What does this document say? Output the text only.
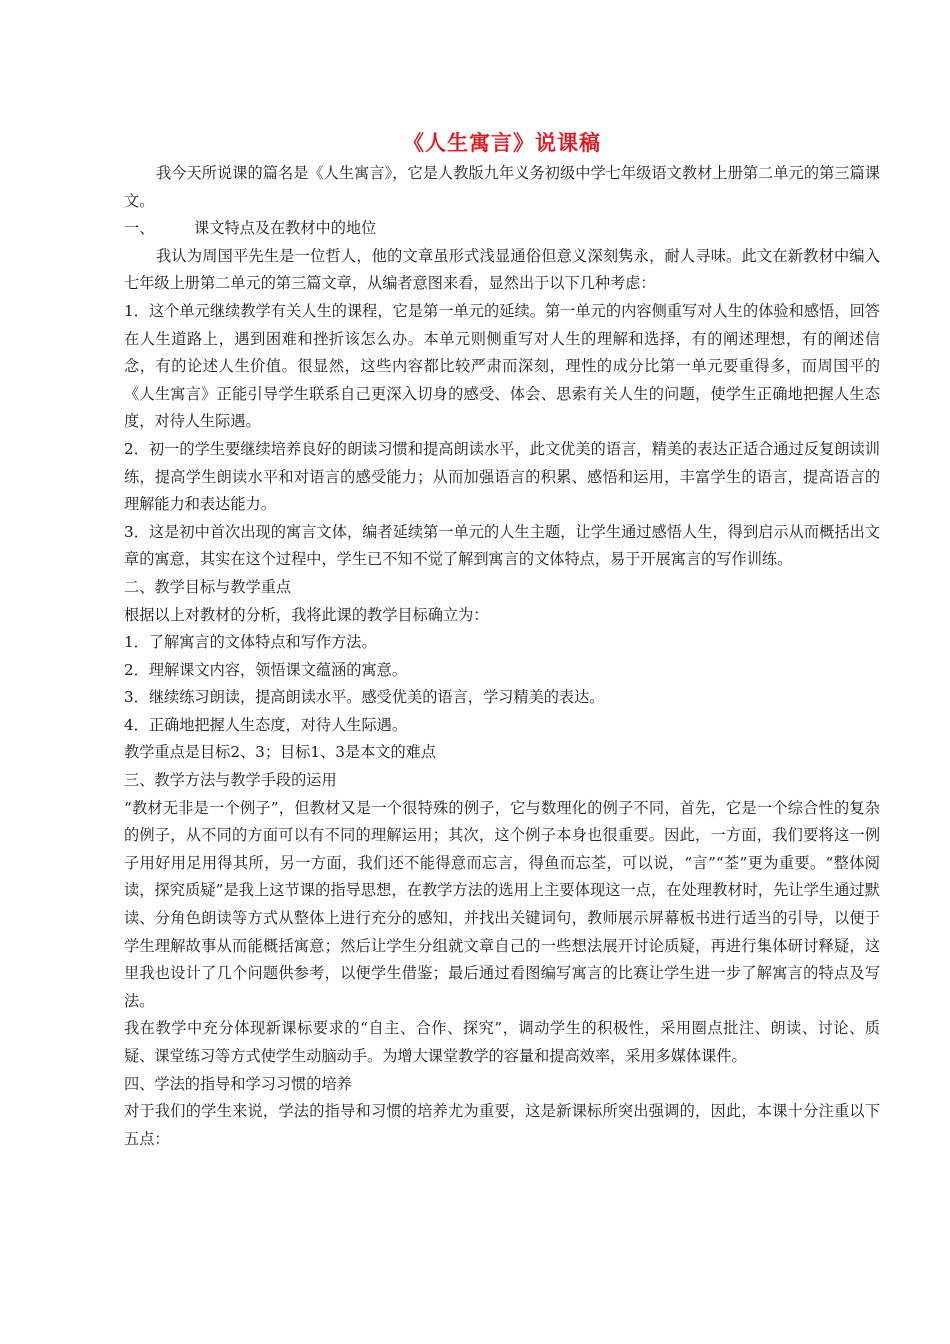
《人生寓言》说课稿

我今天所说课的篇名是《人生寓言》，它是人教版九年义务初级中学七年级语文教材上册第二单元的第三篇课文。

一、	课文特点及在教材中的地位

我认为周国平先生是一位哲人，他的文章虽形式浅显通俗但意义深刻隽永，耐人寻味。此文在新教材中编入七年级上册第二单元的第三篇文章，从编者意图来看，显然出于以下几种考虑：

1．这个单元继续教学有关人生的课程，它是第一单元的延续。第一单元的内容侧重写对人生的体验和感悟，回答在人生道路上，遇到困难和挫折该怎么办。本单元则侧重写对人生的理解和选择，有的阐述理想，有的阐述信念，有的论述人生价值。很显然，这些内容都比较严肃而深刻，理性的成分比第一单元要重得多，而周国平的《人生寓言》正能引导学生联系自己更深入切身的感受、体会、思索有关人生的问题，使学生正确地把握人生态度，对待人生际遇。

2．初一的学生要继续培养良好的朗读习惯和提高朗读水平，此文优美的语言，精美的表达正适合通过反复朗读训练，提高学生朗读水平和对语言的感受能力；从而加强语言的积累、感悟和运用，丰富学生的语言，提高语言的理解能力和表达能力。

3．这是初中首次出现的寓言文体，编者延续第一单元的人生主题，让学生通过感悟人生，得到启示从而概括出文章的寓意，其实在这个过程中，学生已不知不觉了解到寓言的文体特点，易于开展寓言的写作训练。

二、教学目标与教学重点

根据以上对教材的分析，我将此课的教学目标确立为：

1．了解寓言的文体特点和写作方法。

2．理解课文内容，领悟课文蕴涵的寓意。

3．继续练习朗读，提高朗读水平。感受优美的语言，学习精美的表达。

4．正确地把握人生态度，对待人生际遇。

教学重点是目标2、3；目标1、3是本文的难点

三、教学方法与教学手段的运用

“教材无非是一个例子”，但教材又是一个很特殊的例子，它与数理化的例子不同，首先，它是一个综合性的复杂的例子，从不同的方面可以有不同的理解运用；其次，这个例子本身也很重要。因此，一方面，我们要将这一例子用好用足用得其所，另一方面，我们还不能得意而忘言，得鱼而忘荃，可以说，“言”“荃”更为重要。“整体阅读，探究质疑”是我上这节课的指导思想，在教学方法的选用上主要体现这一点，在处理教材时，先让学生通过默读、分角色朗读等方式从整体上进行充分的感知，并找出关键词句，教师展示屏幕板书进行适当的引导，以便于学生理解故事从而能概括寓意；然后让学生分组就文章自己的一些想法展开讨论质疑，再进行集体研讨释疑，这里我也设计了几个问题供参考，以便学生借鉴；最后通过看图编写寓言的比赛让学生进一步了解寓言的特点及写法。

我在教学中充分体现新课标要求的“自主、合作、探究”，调动学生的积极性，采用圈点批注、朗读、讨论、质疑、课堂练习等方式使学生动脑动手。为增大课堂教学的容量和提高效率，采用多媒体课件。

四、学法的指导和学习习惯的培养

对于我们的学生来说，学法的指导和习惯的培养尤为重要，这是新课标所突出强调的，因此，本课十分注重以下五点：
